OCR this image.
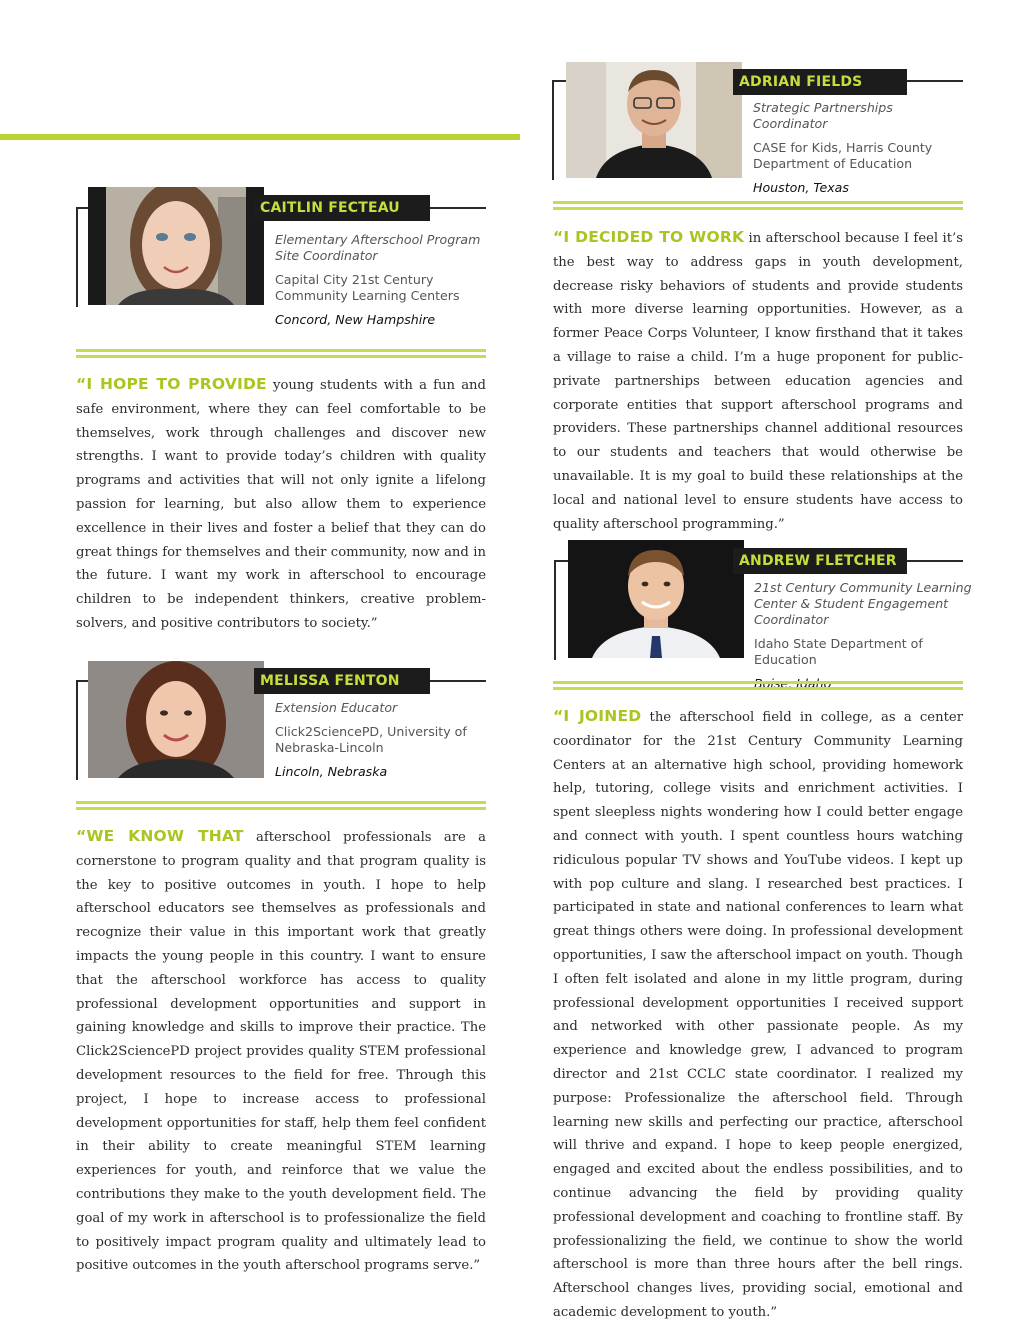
ADRIAN FIELDS

Strategic Partnerships Coordinator

CASE for Kids, Harris County Department of Education

Houston, Texas

“I DECIDED TO WORK in afterschool because I feel it’s the best way to address gaps in youth development, decrease risky behaviors of students and provide students with more diverse learning opportunities. However, as a former Peace Corps Volunteer, I know firsthand that it takes a village to raise a child. I’m a huge proponent for public-private partnerships between education agencies and corporate entities that support afterschool programs and providers. These partnerships channel additional resources to our students and teachers that would otherwise be unavailable. It is my goal to build these relationships at the local and national level to ensure students have access to quality afterschool programming.”

CAITLIN FECTEAU

Elementary Afterschool Program Site Coordinator

Capital City 21st Century Community Learning Centers

Concord, New Hampshire

“I HOPE TO PROVIDE young students with a fun and safe environment, where they can feel comfortable to be themselves, work through challenges and discover new strengths. I want to provide today’s children with quality programs and activities that will not only ignite a lifelong passion for learning, but also allow them to experience excellence in their lives and foster a belief that they can do great things for themselves and their community, now and in the future. I want my work in afterschool to encourage children to be independent thinkers, creative problem-solvers, and positive contributors to society.”

ANDREW FLETCHER

21st Century Community Learning Center & Student Engagement Coordinator

Idaho State Department of Education

Boise, Idaho

“I JOINED the afterschool field in college, as a center coordinator for the 21st Century Community Learning Centers at an alternative high school, providing homework help, tutoring, college visits and enrichment activities. I spent sleepless nights wondering how I could better engage and connect with youth. I spent countless hours watching ridiculous popular TV shows and YouTube videos. I kept up with pop culture and slang. I researched best practices. I participated in state and national conferences to learn what great things others were doing. In professional development opportunities, I saw the afterschool impact on youth. Though I often felt isolated and alone in my little program, during professional development opportunities I received support and networked with other passionate people. As my experience and knowledge grew, I advanced to program director and 21st CCLC state coordinator. I realized my purpose: Professionalize the afterschool field. Through learning new skills and perfecting our practice, afterschool will thrive and expand. I hope to keep people energized, engaged and excited about the endless possibilities, and to continue advancing the field by providing quality professional development and coaching to frontline staff. By professionalizing the field, we continue to show the world afterschool is more than three hours after the bell rings. Afterschool changes lives, providing social, emotional and academic development to youth.”

MELISSA FENTON

Extension Educator

Click2SciencePD, University of Nebraska-Lincoln

Lincoln, Nebraska

“WE KNOW THAT afterschool professionals are a cornerstone to program quality and that program quality is the key to positive outcomes in youth. I hope to help afterschool educators see themselves as professionals and recognize their value in this important work that greatly impacts the young people in this country. I want to ensure that the afterschool workforce has access to quality professional development opportunities and support in gaining knowledge and skills to improve their practice. The Click2SciencePD project provides quality STEM professional development resources to the field for free. Through this project, I hope to increase access to professional development opportunities for staff, help them feel confident in their ability to create meaningful STEM learning experiences for youth, and reinforce that we value the contributions they make to the youth development field. The goal of my work in afterschool is to professionalize the field to positively impact program quality and ultimately lead to positive outcomes in the youth afterschool programs serve.”
